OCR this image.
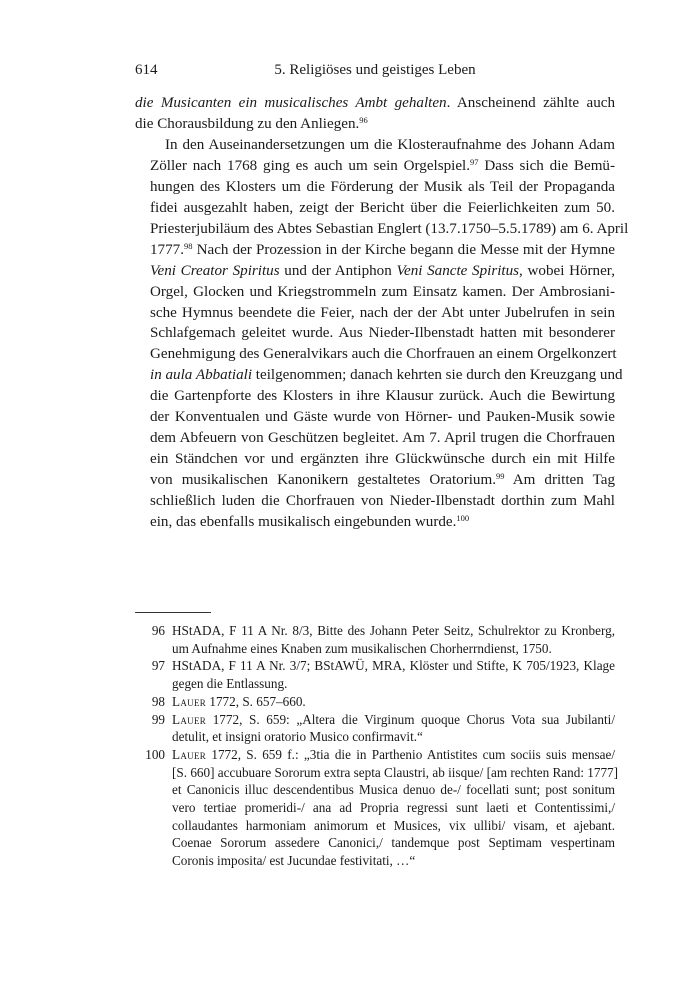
614	5. Religiöses und geistiges Leben

die Musicanten ein musicalisches Ambt gehalten. Anscheinend zählte auch
die Chorausbildung zu den Anliegen.$^{96}$

In den Auseinandersetzungen um die Klosteraufnahme des Johann Adam
Zöller nach 1768 ging es auch um sein Orgelspiel.$^{97}$ Dass sich die Bemü-
hungen des Klosters um die Förderung der Musik als Teil der Propaganda
fidei ausgezahlt haben, zeigt der Bericht über die Feierlichkeiten zum 50.
Priesterjubiläum des Abtes Sebastian Englert (13.7.1750–5.5.1789) am 6. April
1777.98 Nach der Prozession in der Kirche begann die Messe mit der Hymne
Veni Creator Spiritus und der Antiphon Veni Sancte Spiritus, wobei Hörner,
Orgel, Glocken und Kriegstrommeln zum Einsatz kamen. Der Ambrosiani-
sche Hymnus beendete die Feier, nach der der Abt unter Jubelrufen in sein
Schlafgemach geleitet wurde. Aus Nieder-Ilbenstadt hatten mit besonderer
Genehmigung des Generalvikars auch die Chorfrauen an einem Orgelkonzert
in aula Abbatiali teilgenommen; danach kehrten sie durch den Kreuzgang und
die Gartenpforte des Klosters in ihre Klausur zurück. Auch die Bewirtung
der Konventualen und Gäste wurde von Hörner- und Pauken-Musik sowie
dem Abfeuern von Geschützen begleitet. Am 7. April trugen die Chorfrauen
ein Ständchen vor und ergänzten ihre Glückwünsche durch ein mit Hilfe
von musikalischen Kanonikern gestaltetes Oratorium.$^{99}$ Am dritten Tag
schließlich luden die Chorfrauen von Nieder-Ilbenstadt dorthin zum Mahl
ein, das ebenfalls musikalisch eingebunden wurde.$^{100}$

96 HStADA, F 11 A Nr. 8/3, Bitte des Johann Peter Seitz, Schulrektor zu Kronberg,
um Aufnahme eines Knaben zum musikalischen Chorherrndienst, 1750.
97 HStADA, F 11 A Nr. 3/7; BStAWÜ, MRA, Klöster und Stifte, K 705/1923, Klage
gegen die Entlassung.
98 Lauer 1772, S. 657–660.
99 Lauer 1772, S. 659: „Altera die Virginum quoque Chorus Vota sua Jubilanti/
detulit, et insigni oratorio Musico confirmavit.“
100 Lauer 1772, S. 659 f.: „3tia die in Parthenio Antistites cum sociis suis mensae/
[S. 660] accubuare Sororum extra septa Claustri, ab iisque/ [am rechten Rand: 1777]
et Canonicis illuc descendentibus Musica denuo de-/ focellati sunt; post sonitum
vero tertiae promeridi-/ ana ad Propria regressi sunt laeti et Contentissimi,/
collaudantes harmoniam animorum et Musices, vix ullibi/ visam, et ajebant.
Coenae Sororum assedere Canonici,/ tandemque post Septimam vespertinam
Coronis imposita/ est Jucundae festivitati, …“
